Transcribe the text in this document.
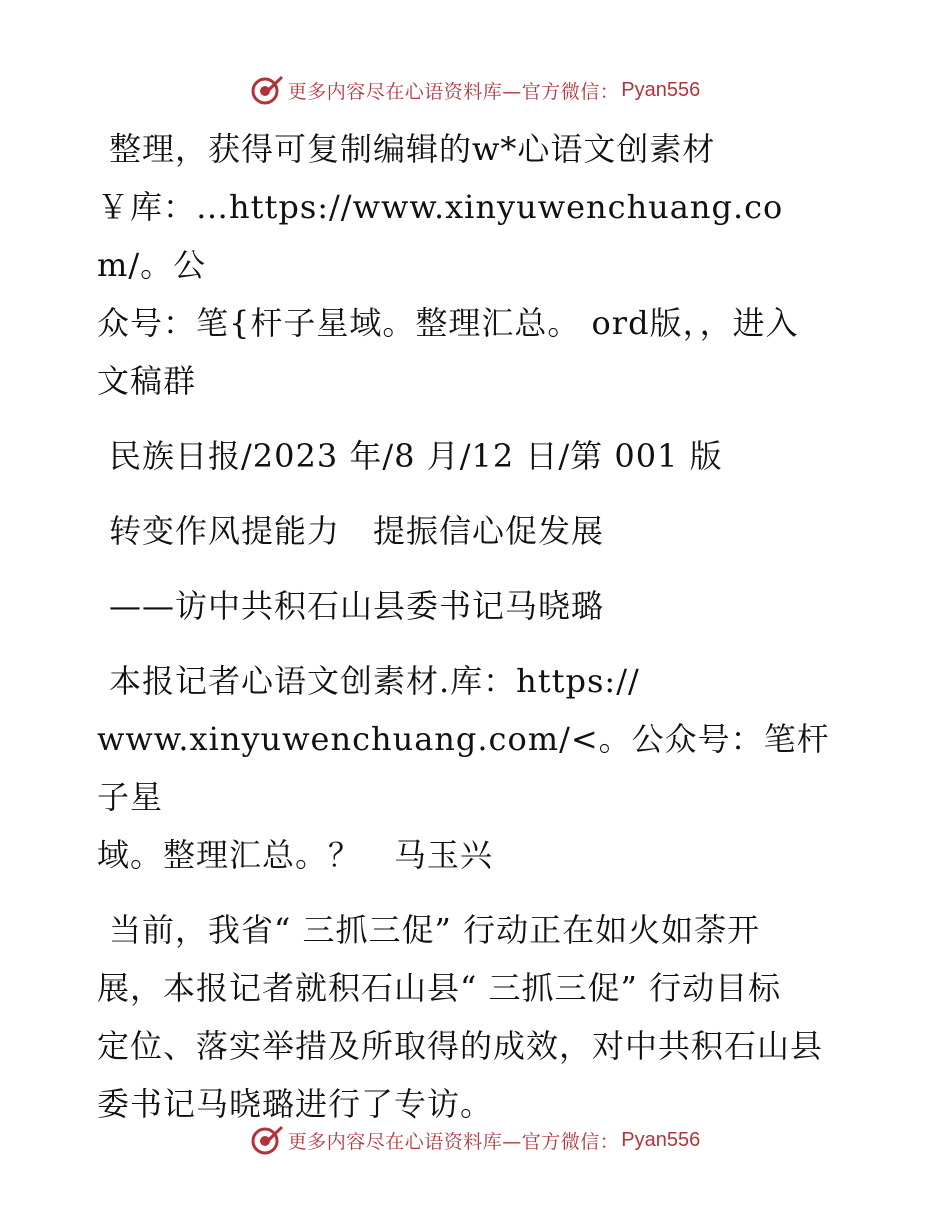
更多内容尽在心语资料库—官方微信： Pyan556

整理，获得可复制编辑的w*心语文创素材
￥库：…https://www.xinyuwenchuang.com/。公
众号：笔{杆子星域。整理汇总。 ord版，，进入
文稿群

民族日报/2023 年/8 月/12 日/第 001 版

转变作风提能力　提振信心促发展

——访中共积石山县委书记马晓璐

本报记者心语文创素材.库：https://
www.xinyuwenchuang.com/<。公众号：笔杆子星
域。整理汇总。？　马玉兴

当前，我省“ 三抓三促” 行动正在如火如荼开
展，本报记者就积石山县“ 三抓三促” 行动目标
定位、落实举措及所取得的成效，对中共积石山县
委书记马晓璐进行了专访。

更多内容尽在心语资料库—官方微信： Pyan556
